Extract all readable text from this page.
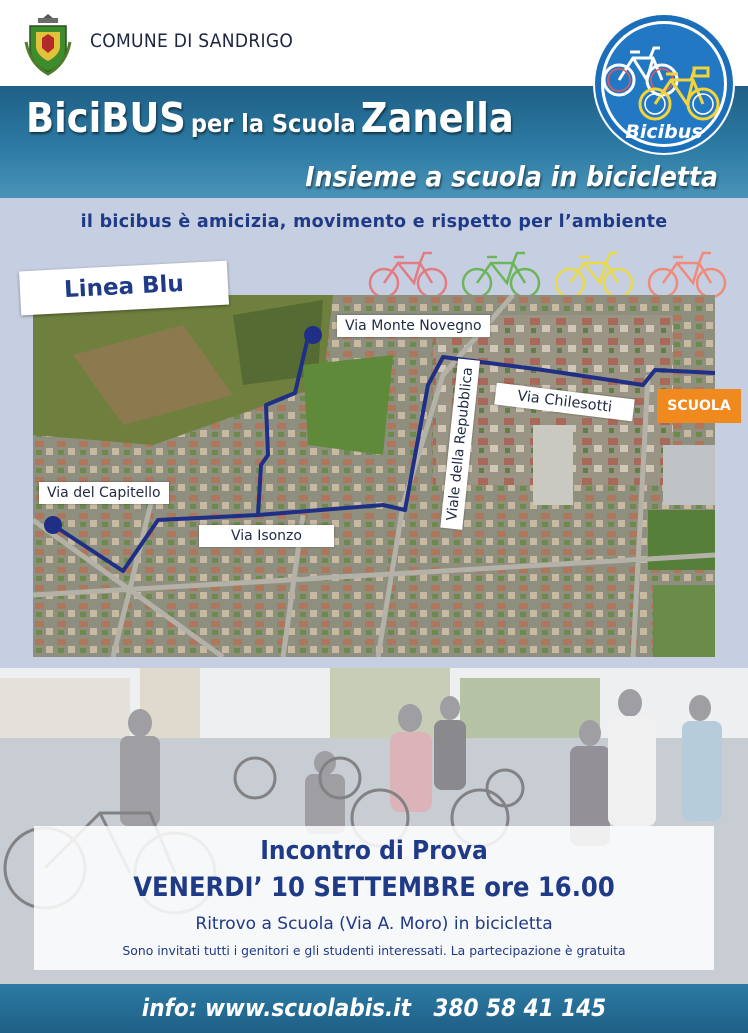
COMUNE DI SANDRIGO
BiciBUS per la Scuola Zanella
Insieme a scuola in bicicletta
Bicibus
il bicibus è amicizia, movimento e rispetto per l’ambiente
Via Monte Novegno
Via del Capitello
Via Isonzo
Viale della Repubblica	Via Chilesotti
Linea Blu
SCUOLA
Incontro di Prova
VENERDI’ 10 SETTEMBRE ore 16.00
Ritrovo a Scuola (Via A. Moro) in bicicletta
Sono invitati tutti i genitori e gli studenti interessati. La partecipazione è gratuita
info: www.scuolabis.it   380 58 41 145
